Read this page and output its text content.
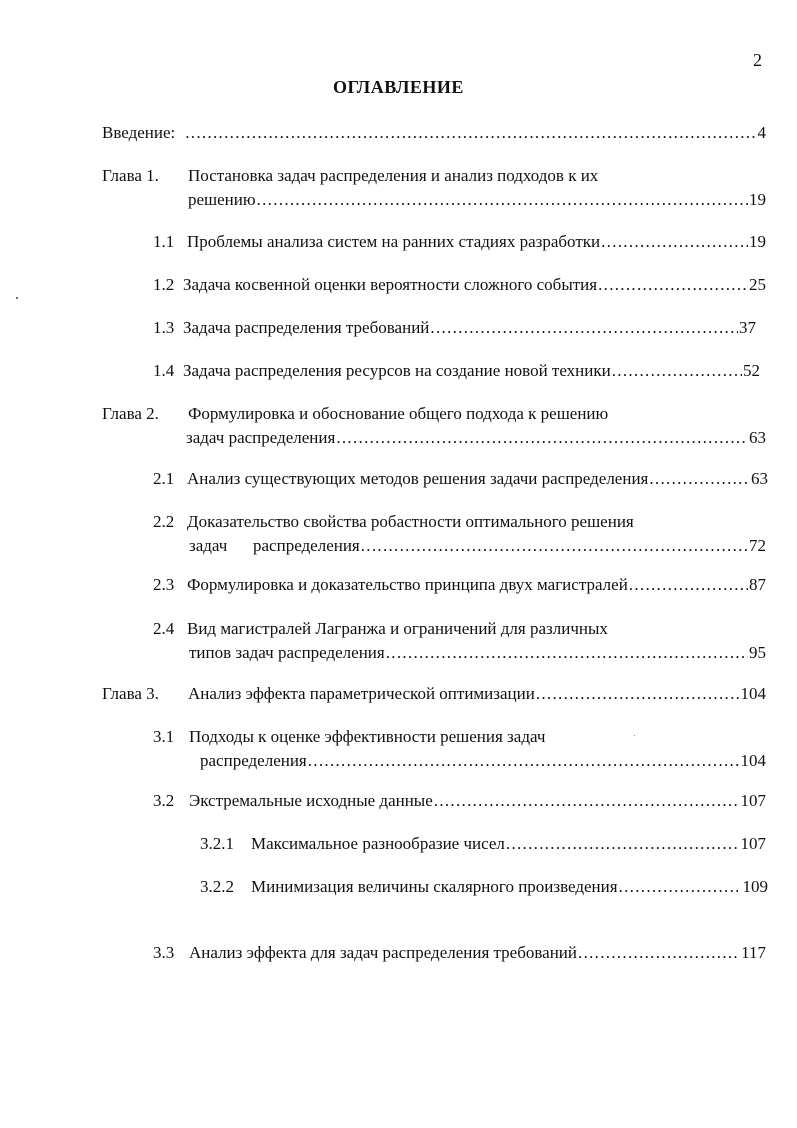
2
ОГЛАВЛЕНИЕ
Введение: .....	4
Глава 1.	Постановка задач распределения и анализ подходов к их
решению .....	19
1.1 Проблемы анализа систем на ранних стадиях разработки .....	19
1.2 Задача косвенной оценки вероятности сложного события .....	25
1.3 Задача распределения требований .....	37
1.4 Задача распределения ресурсов на создание новой техники .....	52
Глава 2.	Формулировка и обоснование общего подхода к решению
задач распределения .....	63
2.1 Анализ существующих методов решения задачи распределения .....	63
2.2 Доказательство свойства робастности оптимального решения
задач	распределения .....	72
2.3 Формулировка и доказательство принципа двух магистралей .....	87
2.4 Вид магистралей Лагранжа и ограничений для различных
типов задач распределения .....	95
Глава 3.	Анализ эффекта параметрической оптимизации .....	104
3.1 Подходы к оценке эффективности решения задач
распределения .....	104
3.2 Экстремальные исходные данные .....	107
3.2.1	Максимальное разнообразие чисел .....	107
3.2.2	Минимизация величины скалярного произведения .....	109
3.3 Анализ эффекта для задач распределения требований .....	117
